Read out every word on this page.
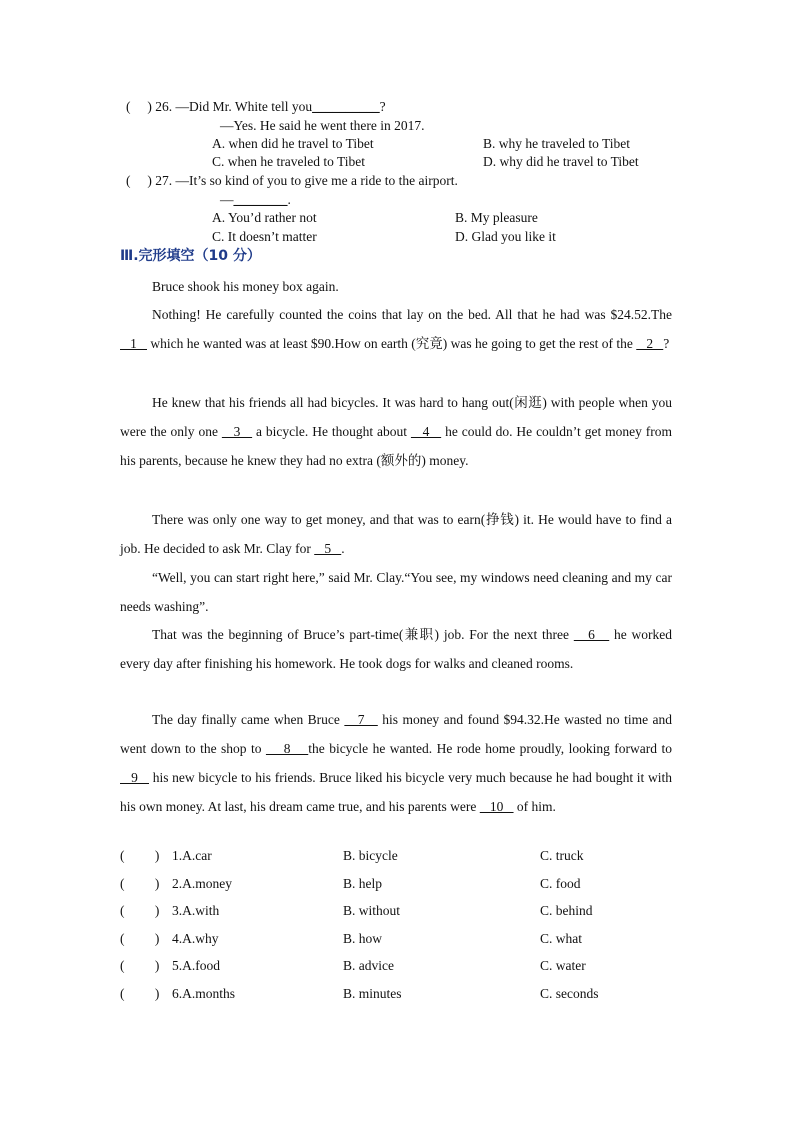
(     ) 26. —Did Mr. White tell you__________?
—Yes. He said he went there in 2017.
A. when did he travel to Tibet	B. why he traveled to Tibet
C. when he traveled to Tibet	D. why did he travel to Tibet
(     ) 27. —It’s so kind of you to give me a ride to the airport.
—________.
A. You’d rather not	B. My pleasure
C. It doesn’t matter	D. Glad you like it
Ⅲ.完形填空（10 分）
Bruce shook his money box again.
Nothing! He carefully counted the coins that lay on the bed. All that he had was $24.52.The    1    which he wanted was at least $90.How on earth (究竟) was he going to get the rest of the    2   ?
He knew that his friends all had bicycles. It was hard to hang out(闲逛) with people when you were the only one    3    a bicycle. He thought about    4    he could do. He couldn’t get money from his parents, because he knew they had no extra (额外的) money.
There was only one way to get money, and that was to earn(挣钱) it. He would have to find a job. He decided to ask Mr. Clay for    5   .
“Well, you can start right here,” said Mr. Clay.“You see, my windows need cleaning and my car needs washing”.
That was the beginning of Bruce’s part-time(兼职) job. For the next three    6    he worked every day after finishing his homework. He took dogs for walks and cleaned rooms.
The day finally came when Bruce    7    his money and found $94.32.He wasted no time and went down to the shop to     8    the bicycle he wanted. He rode home proudly, looking forward to    9    his new bicycle to his friends. Bruce liked his bicycle very much because he had bought it with his own money. At last, his dream came true, and his parents were    10    of him.
(         ) 1.A.car	B. bicycle	C. truck
(         ) 2.A.money	B. help	C. food
(         ) 3.A.with	B. without	C. behind
(         ) 4.A.why	B. how	C. what
(         ) 5.A.food	B. advice	C. water
(         ) 6.A.months	B. minutes	C. seconds
